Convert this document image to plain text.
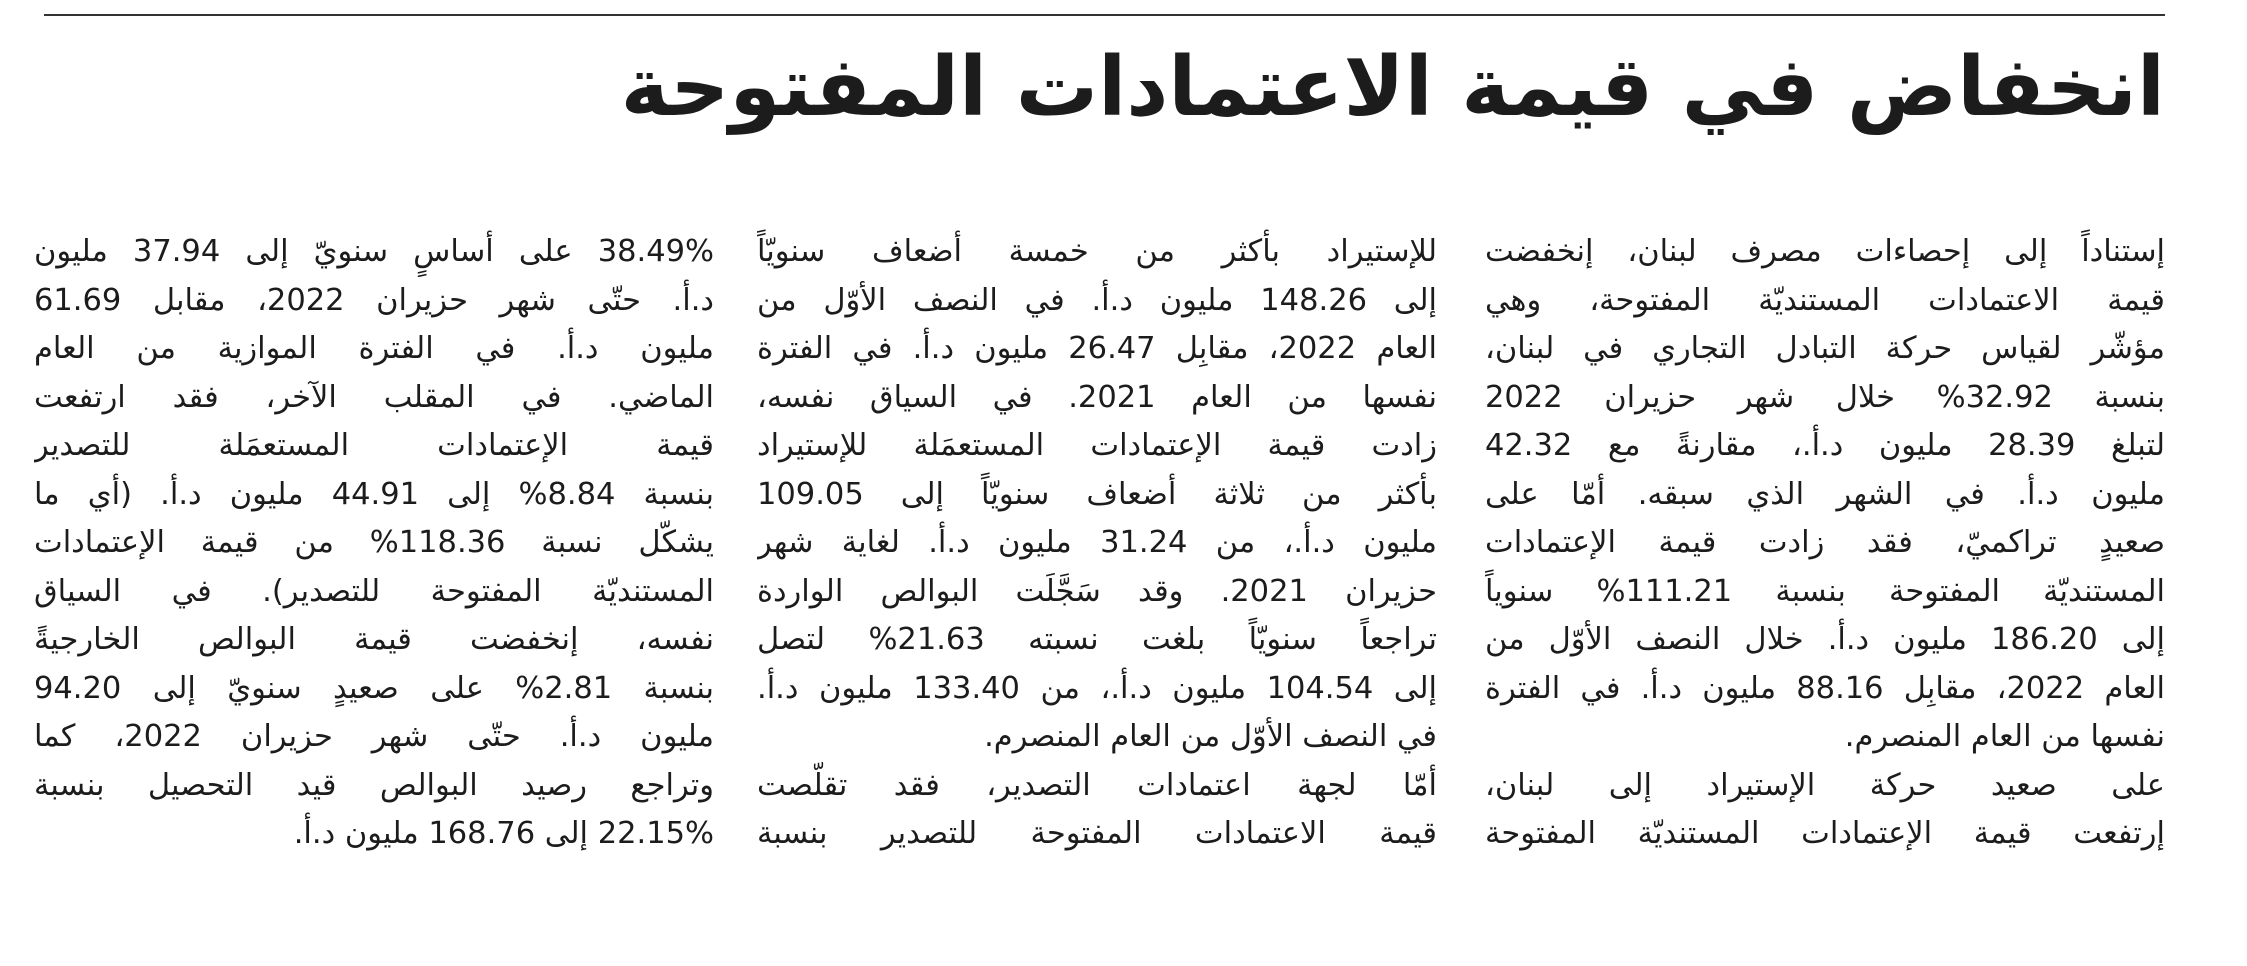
انخفاض في قيمة الاعتمادات المفتوحة
إستناداً إلى إحصاءات مصرف لبنان، إنخفضت
قيمة الاعتمادات المستنديّة المفتوحة، وهي
مؤشّر لقياس حركة التبادل التجاري في لبنان،
بنسبة 32.92% خلال شهر حزيران 2022
لتبلغ 28.39 مليون د.أ.، مقارنةً مع 42.32
مليون د.أ. في الشهر الذي سبقه. أمّا على
صعيدٍ تراكميّ، فقد زادت قيمة الإعتمادات
المستنديّة المفتوحة بنسبة 111.21% سنوياً
إلى 186.20 مليون د.أ. خلال النصف الأوّل من
العام 2022، مقابِل 88.16 مليون د.أ. في الفترة
نفسها من العام المنصرم.
على صعيد حركة الإستيراد إلى لبنان،
إرتفعت قيمة الإعتمادات المستنديّة المفتوحة
للإستيراد بأكثر من خمسة أضعاف سنويّاً
إلى 148.26 مليون د.أ. في النصف الأوّل من
العام 2022، مقابِل 26.47 مليون د.أ. في الفترة
نفسها من العام 2021. في السياق نفسه،
زادت قيمة الإعتمادات المستعمَلة للإستيراد
بأكثر من ثلاثة أضعاف سنويّاً إلى 109.05
مليون د.أ.، من 31.24 مليون د.أ. لغاية شهر
حزيران 2021. وقد سَجَّلَت البوالص الواردة
تراجعاً سنويّاً بلغت نسبته 21.63% لتصل
إلى 104.54 مليون د.أ.، من 133.40 مليون د.أ.
في النصف الأوّل من العام المنصرم.
أمّا لجهة اعتمادات التصدير، فقد تقلّصت
قيمة الاعتمادات المفتوحة للتصدير بنسبة
38.49% على أساسٍ سنويّ إلى 37.94 مليون
د.أ. حتّى شهر حزيران 2022، مقابل 61.69
مليون د.أ. في الفترة الموازية من العام
الماضي. في المقلب الآخر، فقد ارتفعت
قيمة الإعتمادات المستعمَلة للتصدير
بنسبة 8.84% إلى 44.91 مليون د.أ. (أي ما
يشكّل نسبة 118.36% من قيمة الإعتمادات
المستنديّة المفتوحة للتصدير). في السياق
نفسه، إنخفضت قيمة البوالص الخارجيةً
بنسبة 2.81% على صعيدٍ سنويّ إلى 94.20
مليون د.أ. حتّى شهر حزيران 2022، كما
وتراجع رصيد البوالص قيد التحصيل بنسبة
22.15% إلى 168.76 مليون د.أ.
